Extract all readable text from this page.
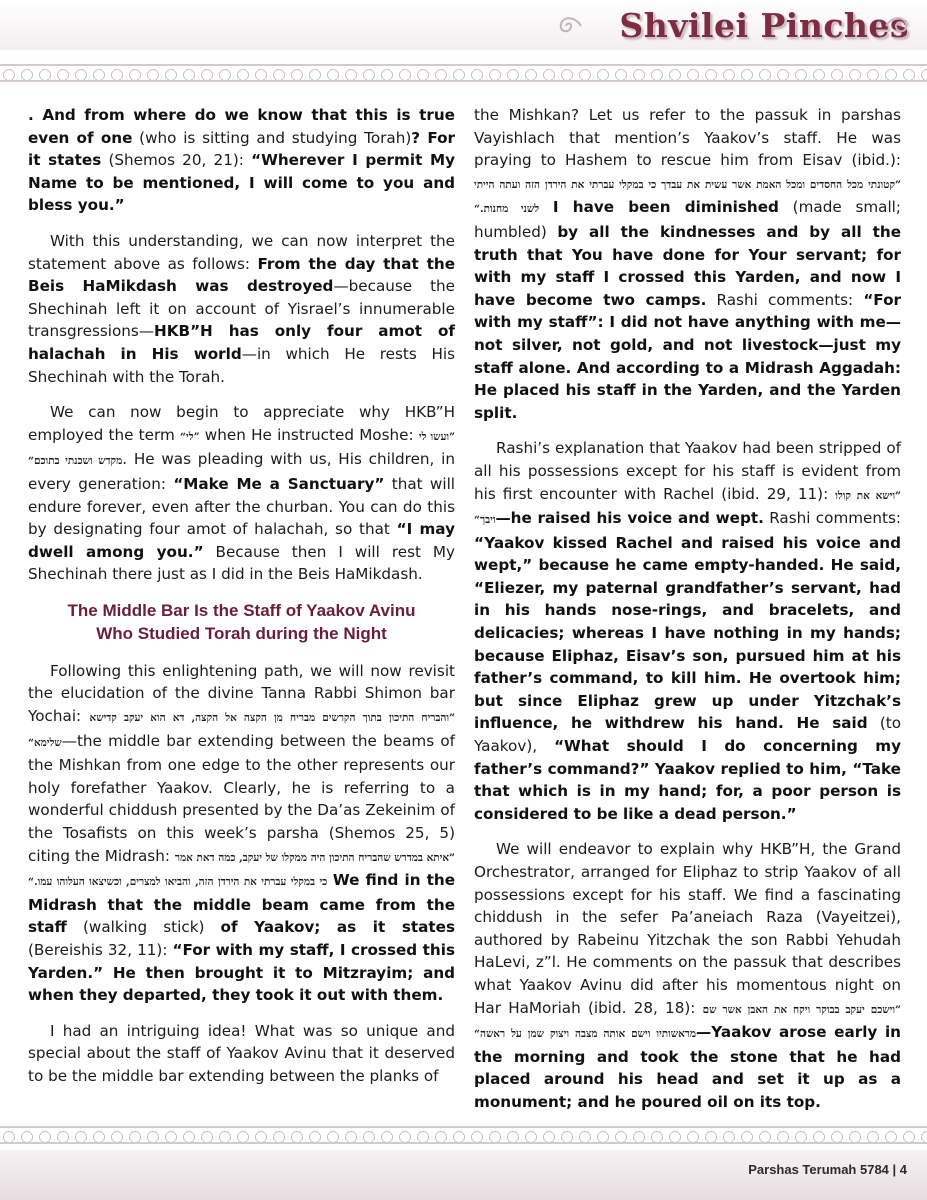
Shvilei Pinches

. And from where do we know that this is true even of one (who is sitting and studying Torah)? For it states (Shemos 20, 21): “Wherever I permit My Name to be mentioned, I will come to you and bless you.”

With this understanding, we can now interpret the statement above as follows: From the day that the Beis HaMikdash was destroyed—because the Shechinah left it on account of Yisrael’s innumerable transgressions—HKB”H has only four amot of halachah in His world—in which He rests His Shechinah with the Torah.

We can now begin to appreciate why HKB”H employed the term ”לי“ when He instructed Moshe: ”ועשו לי מקדש ושכנתי בתוכם“. He was pleading with us, His children, in every generation: “Make Me a Sanctuary” that will endure forever, even after the churban. You can do this by designating four amot of halachah, so that “I may dwell among you.” Because then I will rest My Shechinah there just as I did in the Beis HaMikdash.

The Middle Bar Is the Staff of Yaakov Avinu
Who Studied Torah during the Night

Following this enlightening path, we will now revisit the elucidation of the divine Tanna Rabbi Shimon bar Yochai: ”והבריח התיכון בתוך הקרשים מבריח מן הקצה אל הקצה, דא הוא יעקב קדישא שלימא“—the middle bar extending between the beams of the Mishkan from one edge to the other represents our holy forefather Yaakov. Clearly, he is referring to a wonderful chiddush presented by the Da’as Zekeinim of the Tosafists on this week’s parsha (Shemos 25, 5) citing the Midrash: ”איתא במדרש שהבריח התיכון היה ממקלו של יעקב, כמה דאת אמר כי במקלי עברתי את הירדן הזה, והביאו למצרים, וכשיצאו העלוהו עמו.“ We find in the Midrash that the middle beam came from the staff (walking stick) of Yaakov; as it states (Bereishis 32, 11): “For with my staff, I crossed this Yarden.” He then brought it to Mitzrayim; and when they departed, they took it out with them.

I had an intriguing idea! What was so unique and special about the staff of Yaakov Avinu that it deserved to be the middle bar extending between the planks of

the Mishkan? Let us refer to the passuk in parshas Vayishlach that mention’s Yaakov’s staff. He was praying to Hashem to rescue him from Eisav (ibid.): ”קטונתי מכל החסדים ומכל האמת אשר עשית את עבדך כי במקלי עברתי את הירדן הזה ועתה הייתי לשני מחנות.“ I have been diminished (made small; humbled) by all the kindnesses and by all the truth that You have done for Your servant; for with my staff I crossed this Yarden, and now I have become two camps. Rashi comments: “For with my staff”: I did not have anything with me—not silver, not gold, and not livestock—just my staff alone. And according to a Midrash Aggadah: He placed his staff in the Yarden, and the Yarden split.

Rashi’s explanation that Yaakov had been stripped of all his possessions except for his staff is evident from his first encounter with Rachel (ibid. 29, 11): ”וישא את קולו ויבך“—he raised his voice and wept. Rashi comments: “Yaakov kissed Rachel and raised his voice and wept,” because he came empty-handed. He said, “Eliezer, my paternal grandfather’s servant, had in his hands nose-rings, and bracelets, and delicacies; whereas I have nothing in my hands; because Eliphaz, Eisav’s son, pursued him at his father’s command, to kill him. He overtook him; but since Eliphaz grew up under Yitzchak’s influence, he withdrew his hand. He said (to Yaakov), “What should I do concerning my father’s command?” Yaakov replied to him, “Take that which is in my hand; for, a poor person is considered to be like a dead person.”

We will endeavor to explain why HKB”H, the Grand Orchestrator, arranged for Eliphaz to strip Yaakov of all possessions except for his staff. We find a fascinating chiddush in the sefer Pa’aneiach Raza (Vayeitzei), authored by Rabeinu Yitzchak the son Rabbi Yehudah HaLevi, z”l. He comments on the passuk that describes what Yaakov Avinu did after his momentous night on Har HaMoriah (ibid. 28, 18): ”וישכם יעקב בבוקר ויקח את האבן אשר שם מראשותיו וישם אותה מצבה ויצוק שמן על ראשה“—Yaakov arose early in the morning and took the stone that he had placed around his head and set it up as a monument; and he poured oil on its top.

Parshas Terumah 5784 | 4
